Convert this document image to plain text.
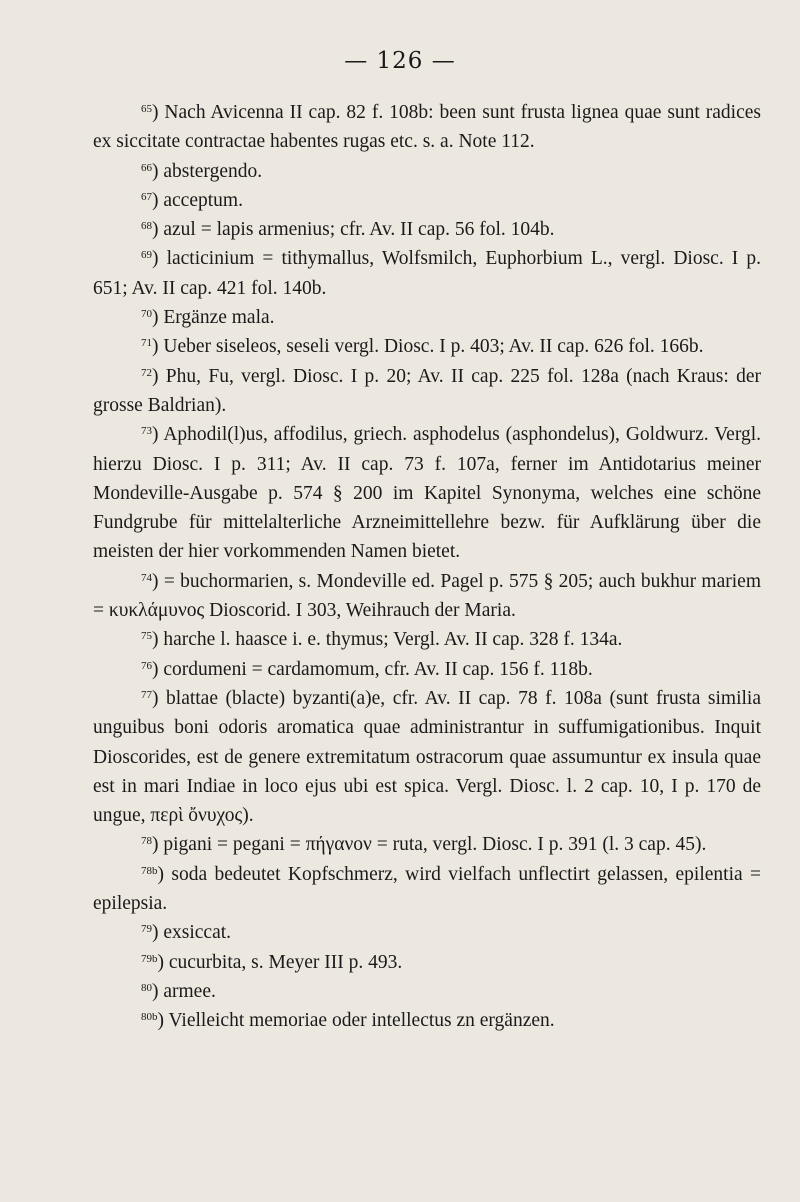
— 126 —

$^{65}$) Nach Avicenna II cap. 82 f. 108b: been sunt frusta lignea quae sunt radices ex siccitate contractae habentes rugas etc. s. a. Note 112.

$^{66}$) abstergendo.

$^{67}$) acceptum.

$^{68}$) azul = lapis armenius; cfr. Av. II cap. 56 fol. 104b.

$^{69}$) lacticinium = tithymallus, Wolfsmilch, Euphorbium L., vergl. Diosc. I p. 651; Av. II cap. 421 fol. 140b.

$^{70}$) Ergänze mala.

$^{71}$) Ueber siseleos, seseli vergl. Diosc. I p. 403; Av. II cap. 626 fol. 166b.

$^{72}$) Phu, Fu, vergl. Diosc. I p. 20; Av. II cap. 225 fol. 128a (nach Kraus: der grosse Baldrian).

$^{73}$) Aphodil(l)us, affodilus, griech. asphodelus (asphondelus), Goldwurz. Vergl. hierzu Diosc. I p. 311; Av. II cap. 73 f. 107a, ferner im Antidotarius meiner Mondeville-Ausgabe p. 574 § 200 im Kapitel Synonyma, welches eine schöne Fundgrube für mittelalterliche Arzneimittellehre bezw. für Aufklärung über die meisten der hier vorkommenden Namen bietet.

$^{74}$) = buchormarien, s. Mondeville ed. Pagel p. 575 § 205; auch bukhur mariem = κυκλάμυνος Dioscorid. I 303, Weihrauch der Maria.

$^{75}$) harche l. haasce i. e. thymus; Vergl. Av. II cap. 328 f. 134a.

$^{76}$) cordumeni = cardamomum, cfr. Av. II cap. 156 f. 118b.

$^{77}$) blattae (blacte) byzanti(a)e, cfr. Av. II cap. 78 f. 108a (sunt frusta similia unguibus boni odoris aromatica quae administrantur in suffumigationibus. Inquit Dioscorides, est de genere extremitatum ostracorum quae assumuntur ex insula quae est in mari Indiae in loco ejus ubi est spica. Vergl. Diosc. l. 2 cap. 10, I p. 170 de ungue, περὶ ὄνυχος).

$^{78}$) pigani = pegani = πήγανον = ruta, vergl. Diosc. I p. 391 (l. 3 cap. 45).

$^{78b}$) soda bedeutet Kopfschmerz, wird vielfach unflectirt gelassen, epilentia = epilepsia.

$^{79}$) exsiccat.

$^{79b}$) cucurbita, s. Meyer III p. 493.

$^{80}$) armee.

$^{80b}$) Vielleicht memoriae oder intellectus zn ergänzen.
